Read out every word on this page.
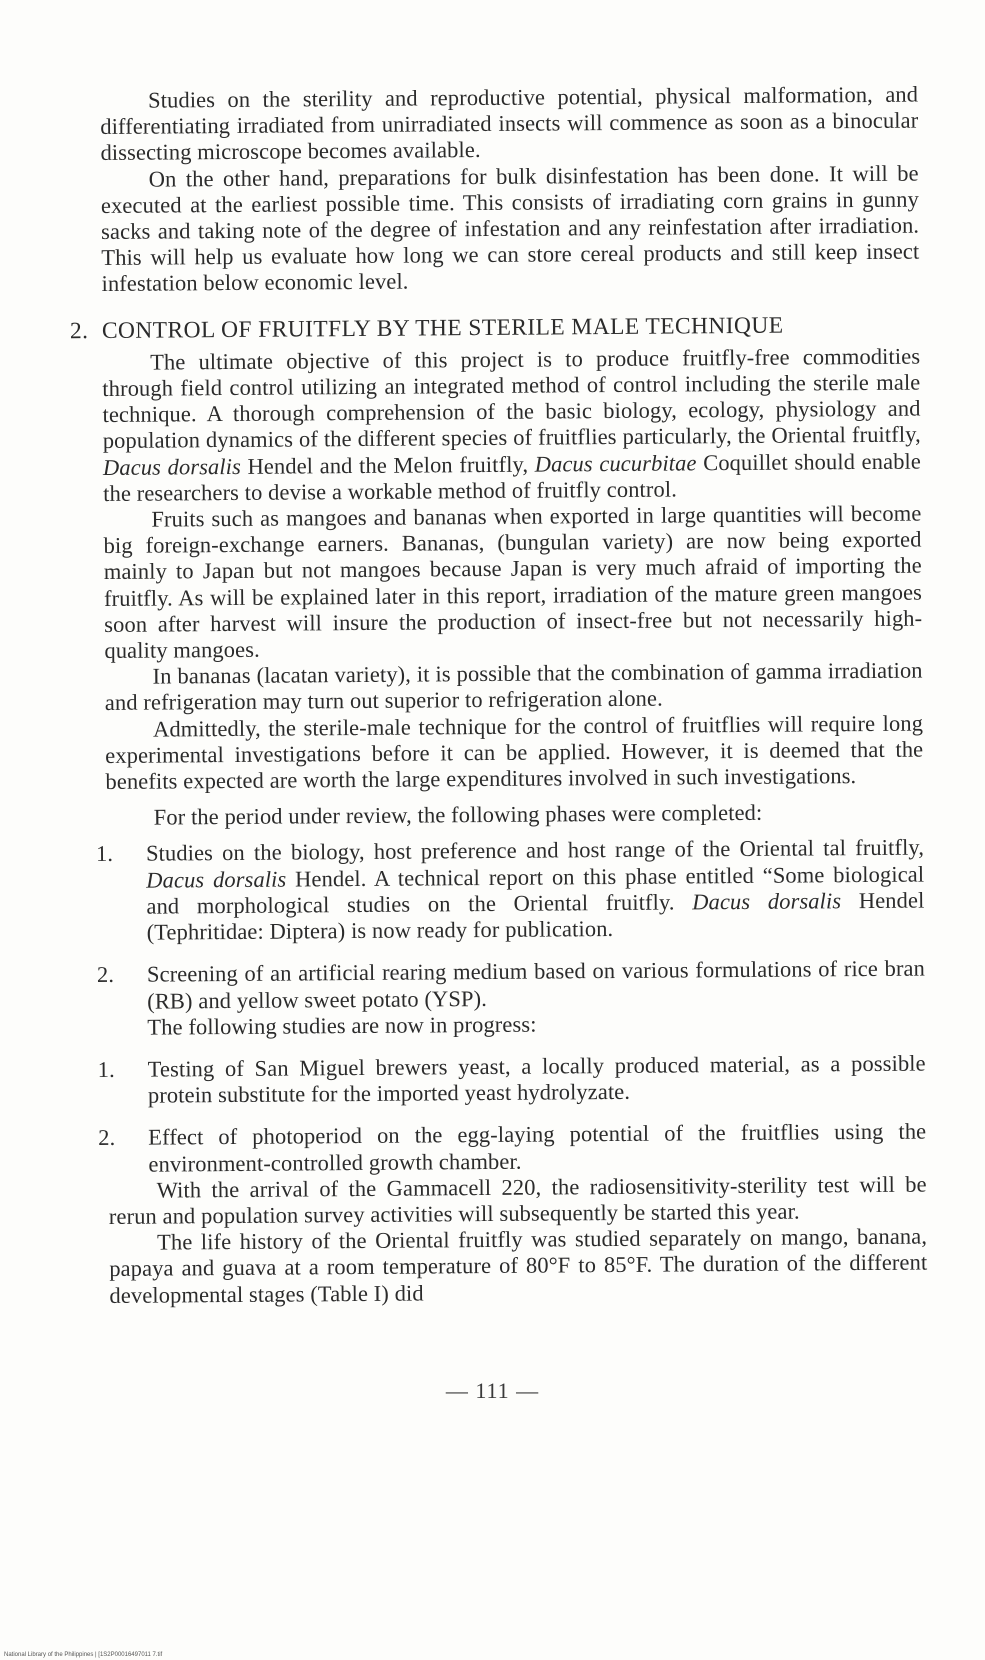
Studies on the sterility and reproductive potential, physical malformation, and differentiating irradiated from unirradiated insects will commence as soon as a binocular dissecting microscope becomes available.

On the other hand, preparations for bulk disinfestation has been done. It will be executed at the earliest possible time. This consists of irradiating corn grains in gunny sacks and taking note of the degree of infestation and any reinfestation after irradiation. This will help us evaluate how long we can store cereal products and still keep insect infestation below economic level.

2. CONTROL OF FRUITFLY BY THE STERILE MALE TECHNIQUE

The ultimate objective of this project is to produce fruitfly-free commodities through field control utilizing an integrated method of control including the sterile male technique. A thorough comprehension of the basic biology, ecology, physiology and population dynamics of the different species of fruitflies particularly, the Oriental fruitfly, Dacus dorsalis Hendel and the Melon fruitfly, Dacus cucurbitae Coquillet should enable the researchers to devise a workable method of fruitfly control.

Fruits such as mangoes and bananas when exported in large quantities will become big foreign-exchange earners. Bananas, (bungulan variety) are now being exported mainly to Japan but not mangoes because Japan is very much afraid of importing the fruitfly. As will be explained later in this report, irradiation of the mature green mangoes soon after harvest will insure the production of insect-free but not necessarily high-quality mangoes.

In bananas (lacatan variety), it is possible that the combination of gamma irradiation and refrigeration may turn out superior to refrigeration alone.

Admittedly, the sterile-male technique for the control of fruitflies will require long experimental investigations before it can be applied. However, it is deemed that the benefits expected are worth the large expenditures involved in such investigations.

For the period under review, the following phases were completed:

1. Studies on the biology, host preference and host range of the Oriental tal fruitfly, Dacus dorsalis Hendel. A technical report on this phase entitled “Some biological and morphological studies on the Oriental fruitfly. Dacus dorsalis Hendel (Tephritidae: Diptera) is now ready for publication.
2. Screening of an artificial rearing medium based on various formulations of rice bran (RB) and yellow sweet potato (YSP).
The following studies are now in progress:
1. Testing of San Miguel brewers yeast, a locally produced material, as a possible protein substitute for the imported yeast hydrolyzate.
2. Effect of photoperiod on the egg-laying potential of the fruitflies using the environment-controlled growth chamber.

With the arrival of the Gammacell 220, the radiosensitivity-sterility test will be rerun and population survey activities will subsequently be started this year.

The life history of the Oriental fruitfly was studied separately on mango, banana, papaya and guava at a room temperature of 80°F to 85°F. The duration of the different developmental stages (Table I) did

— 111 —
National Library of the Philippines | [1S2P00016497011 7.tif
